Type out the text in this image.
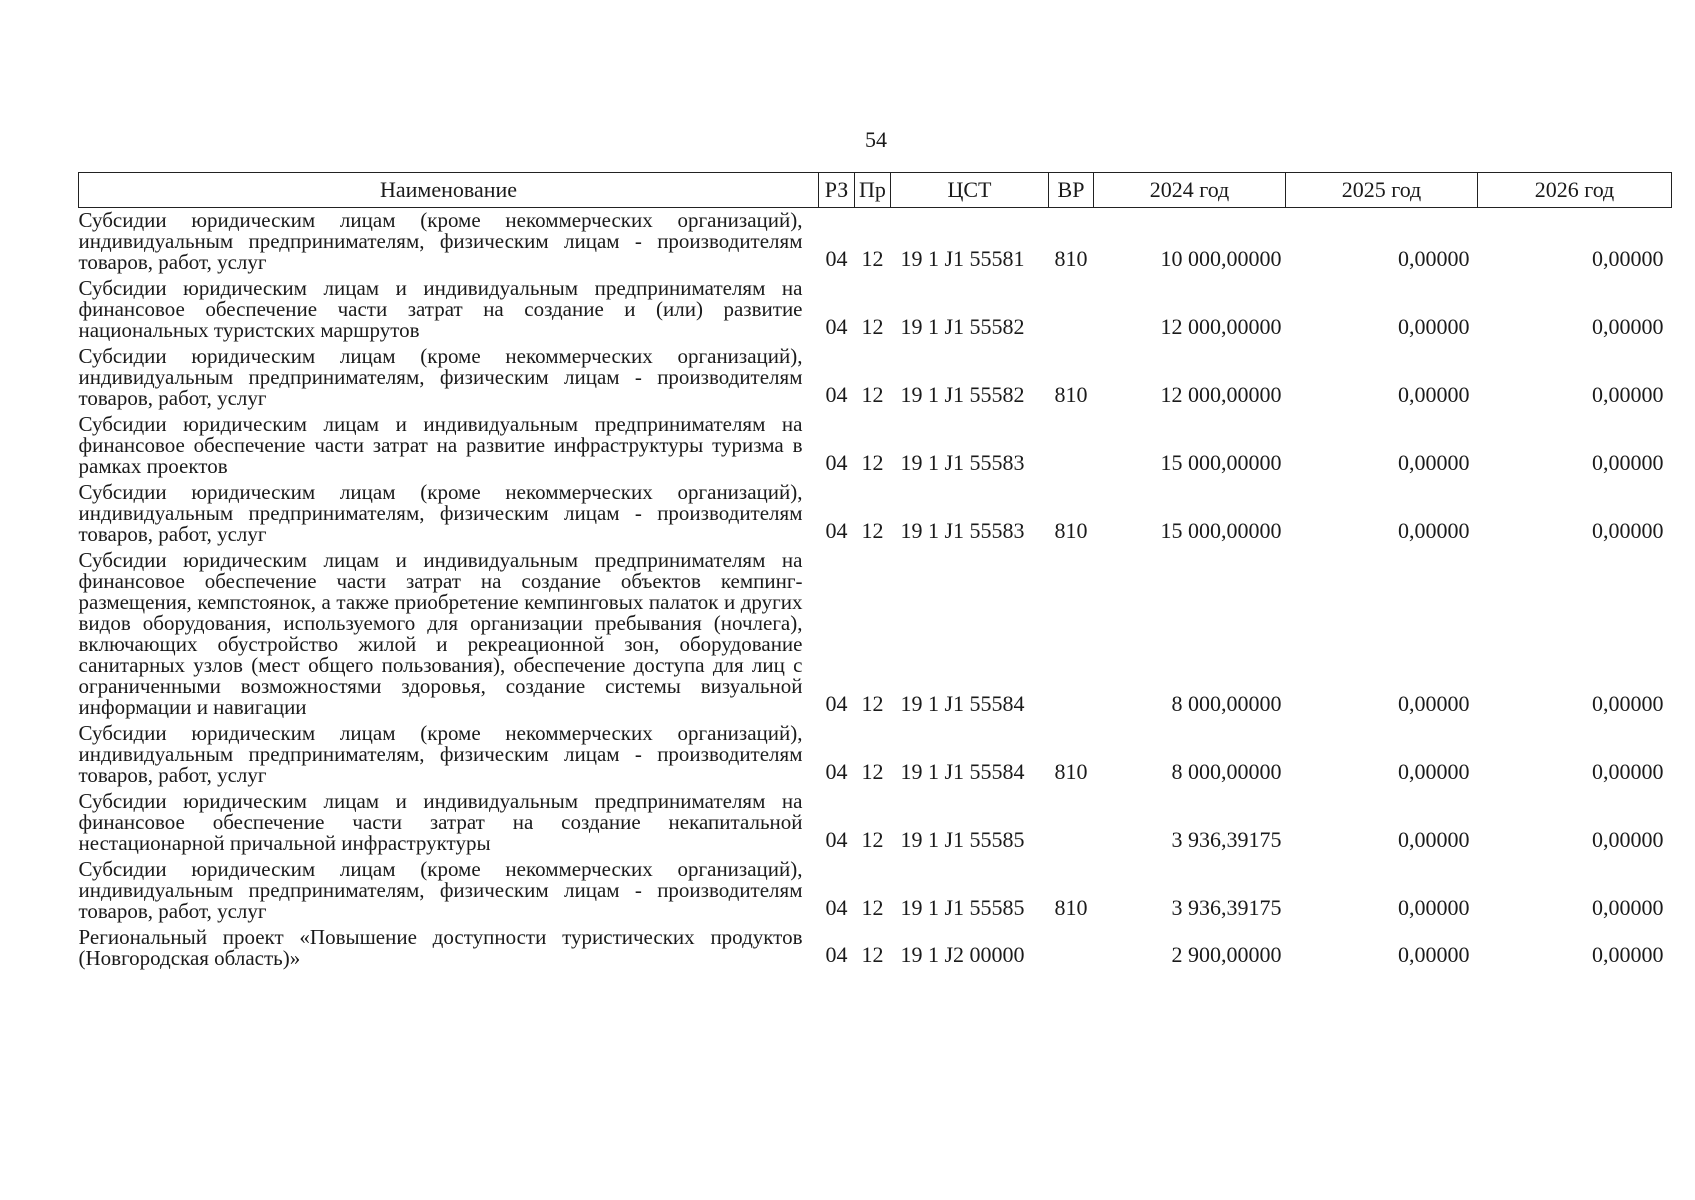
54
Наименование	РЗ	Пр	ЦСТ	ВР	2024 год	2025 год	2026 год
Субсидии юридическим лицам (кроме некоммерческих организаций), индивидуальным предпринимателям, физическим лицам - производителям товаров, работ, услуг	04	12	19 1 J1 55581	810	10 000,00000	0,00000	0,00000
Субсидии юридическим лицам и индивидуальным предпринимателям на финансовое обеспечение части затрат на создание и (или) развитие национальных туристских маршрутов	04	12	19 1 J1 55582		12 000,00000	0,00000	0,00000
Субсидии юридическим лицам (кроме некоммерческих организаций), индивидуальным предпринимателям, физическим лицам - производителям товаров, работ, услуг	04	12	19 1 J1 55582	810	12 000,00000	0,00000	0,00000
Субсидии юридическим лицам и индивидуальным предпринимателям на финансовое обеспечение части затрат на развитие инфраструктуры туризма в рамках проектов	04	12	19 1 J1 55583		15 000,00000	0,00000	0,00000
Субсидии юридическим лицам (кроме некоммерческих организаций), индивидуальным предпринимателям, физическим лицам - производителям товаров, работ, услуг	04	12	19 1 J1 55583	810	15 000,00000	0,00000	0,00000
Субсидии юридическим лицам и индивидуальным предпринимателям на финансовое обеспечение части затрат на создание объектов кемпинг-размещения, кемпстоянок, а также приобретение кемпинговых палаток и других видов оборудования, используемого для организации пребывания (ночлега), включающих обустройство жилой и рекреационной зон, оборудование санитарных узлов (мест общего пользования), обеспечение доступа для лиц с ограниченными возможностями здоровья, создание системы визуальной информации и навигации	04	12	19 1 J1 55584		8 000,00000	0,00000	0,00000
Субсидии юридическим лицам (кроме некоммерческих организаций), индивидуальным предпринимателям, физическим лицам - производителям товаров, работ, услуг	04	12	19 1 J1 55584	810	8 000,00000	0,00000	0,00000
Субсидии юридическим лицам и индивидуальным предпринимателям на финансовое обеспечение части затрат на создание некапитальной нестационарной причальной инфраструктуры	04	12	19 1 J1 55585		3 936,39175	0,00000	0,00000
Субсидии юридическим лицам (кроме некоммерческих организаций), индивидуальным предпринимателям, физическим лицам - производителям товаров, работ, услуг	04	12	19 1 J1 55585	810	3 936,39175	0,00000	0,00000
Региональный проект «Повышение доступности туристических продуктов (Новгородская область)»	04	12	19 1 J2 00000		2 900,00000	0,00000	0,00000
